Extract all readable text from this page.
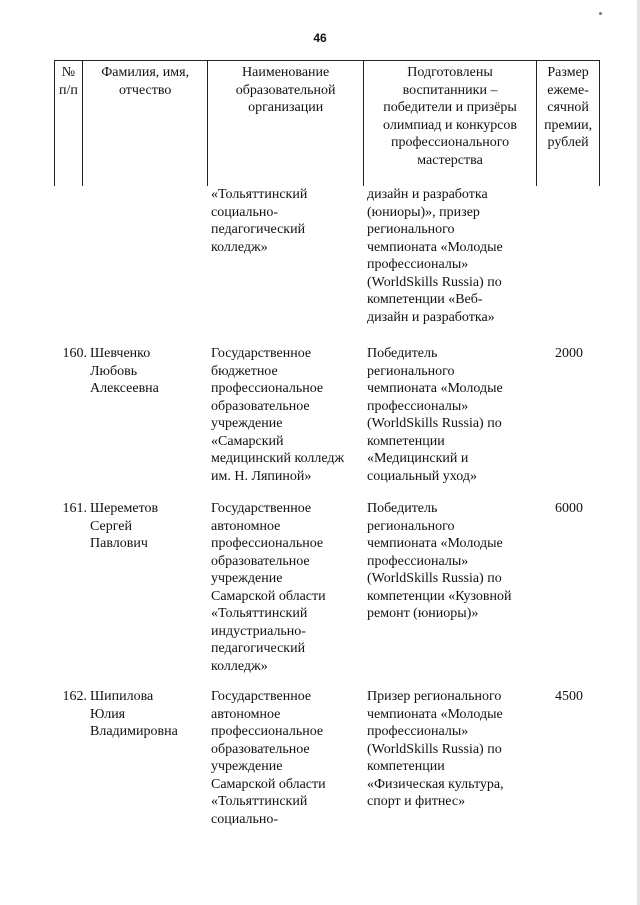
46
№
п/п
Фамилия, имя,
отчество
Наименование
образовательной
организации
Подготовлены
воспитанники –
победители и призёры
олимпиад и конкурсов
профессионального
мастерства
Размер
ежеме-
сячной
премии,
рублей
«Тольяттинский
социально-
педагогический
колледж»
дизайн и разработка
(юниоры)», призер
регионального
чемпионата «Молодые
профессионалы»
(WorldSkills Russia) по
компетенции «Веб-
дизайн и разработка»
160. Шевченко
Любовь
Алексеевна
Государственное
бюджетное
профессиональное
образовательное
учреждение
«Самарский
медицинский колледж
им. Н. Ляпиной»
Победитель
регионального
чемпионата «Молодые
профессионалы»
(WorldSkills Russia) по
компетенции
«Медицинский и
социальный уход»
2000
161. Шереметов
Сергей
Павлович
Государственное
автономное
профессиональное
образовательное
учреждение
Самарской области
«Тольяттинский
индустриально-
педагогический
колледж»
Победитель
регионального
чемпионата «Молодые
профессионалы»
(WorldSkills Russia) по
компетенции «Кузовной
ремонт (юниоры)»
6000
162. Шипилова
Юлия
Владимировна
Государственное
автономное
профессиональное
образовательное
учреждение
Самарской области
«Тольяттинский
социально-
Призер регионального
чемпионата «Молодые
профессионалы»
(WorldSkills Russia) по
компетенции
«Физическая культура,
спорт и фитнес»
4500
